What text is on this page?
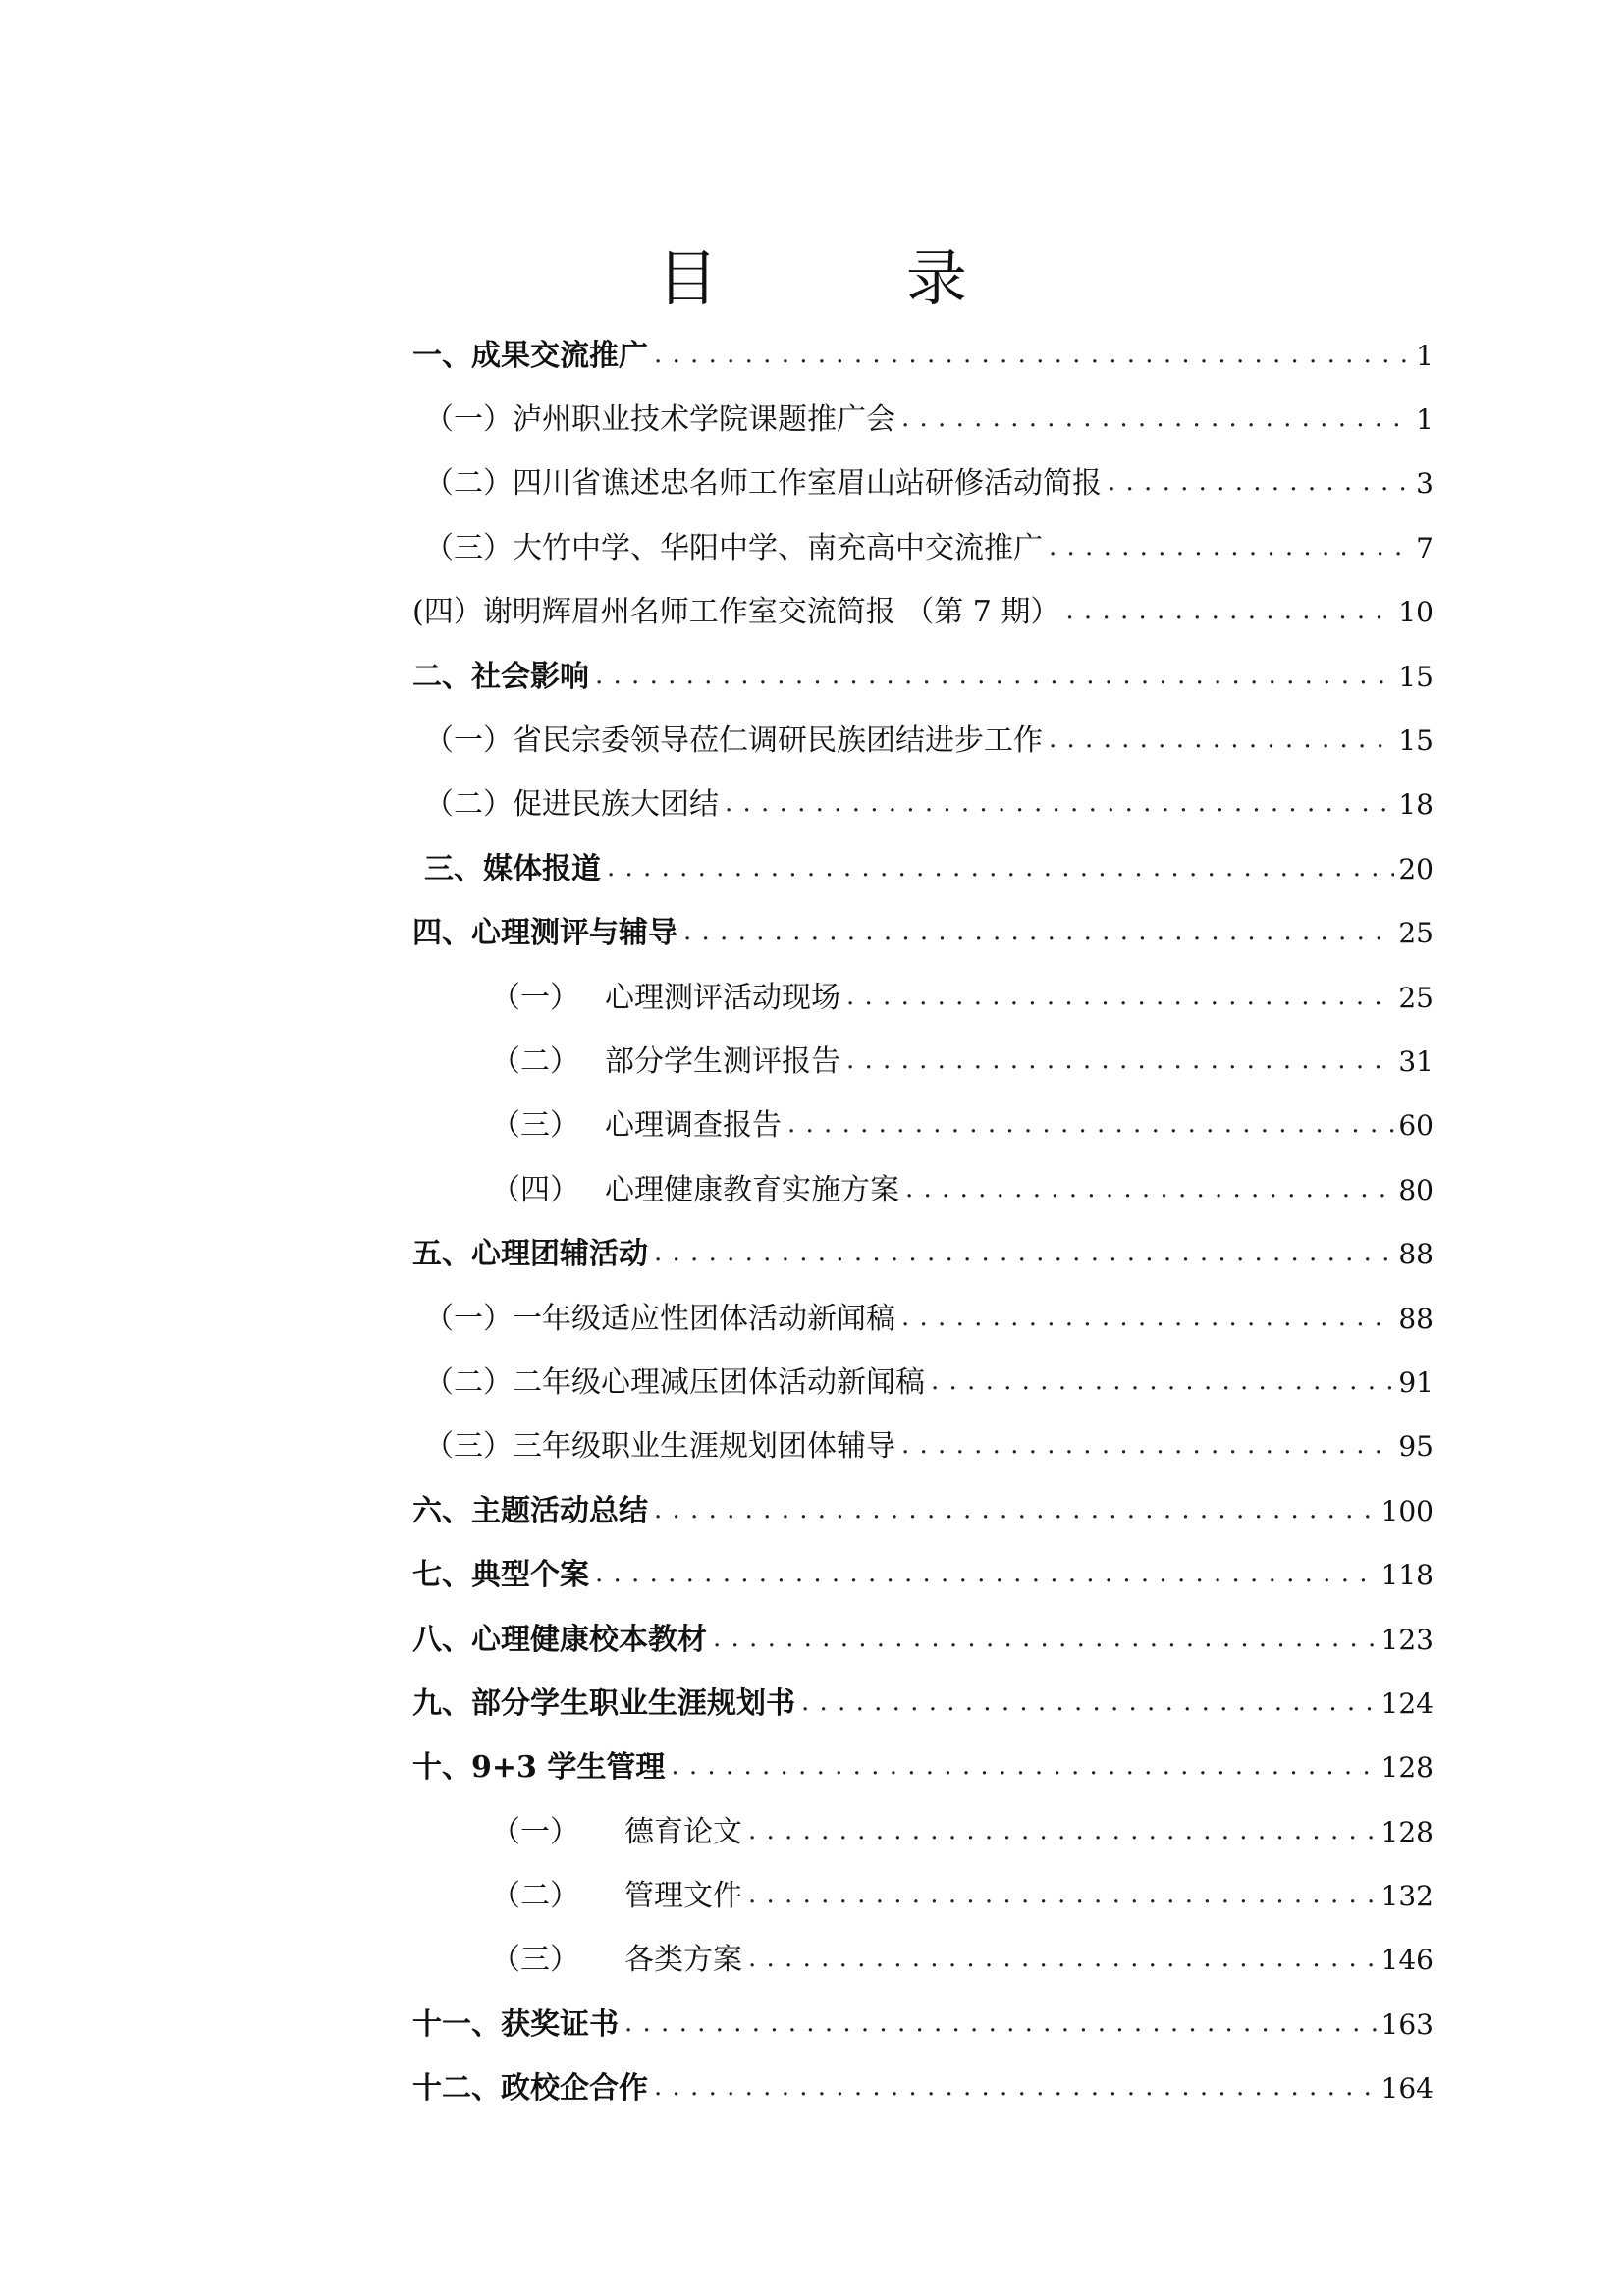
目 录
一、成果交流推广 . . .	1
（一）泸州职业技术学院课题推广会 . . .	1
（二）四川省谯述忠名师工作室眉山站研修活动简报 . . .	3
（三）大竹中学、华阳中学、南充高中交流推广 . . .	7
(四）谢明辉眉州名师工作室交流简报 （第 7 期） . . .	10
二、社会影响 . . .	15
（一）省民宗委领导莅仁调研民族团结进步工作 . . .	15
（二）促进民族大团结 . . .	18
三、媒体报道 . . .	20
四、心理测评与辅导 . . .	25
（一） 心理测评活动现场 . . .	25
（二） 部分学生测评报告 . . .	31
（三） 心理调查报告 . . .	60
（四） 心理健康教育实施方案 . . .	80
五、心理团辅活动 . . .	88
（一）一年级适应性团体活动新闻稿 . . .	88
（二）二年级心理减压团体活动新闻稿 . . .	91
（三）三年级职业生涯规划团体辅导 . . .	95
六、主题活动总结 . . .	100
七、典型个案 . . .	118
八、心理健康校本教材 . . .	123
九、部分学生职业生涯规划书 . . .	124
十、9+3 学生管理 . . .	128
（一） 德育论文 . . .	128
（二） 管理文件 . . .	132
（三） 各类方案 . . .	146
十一、获奖证书 . . .	163
十二、政校企合作 . . .	164
